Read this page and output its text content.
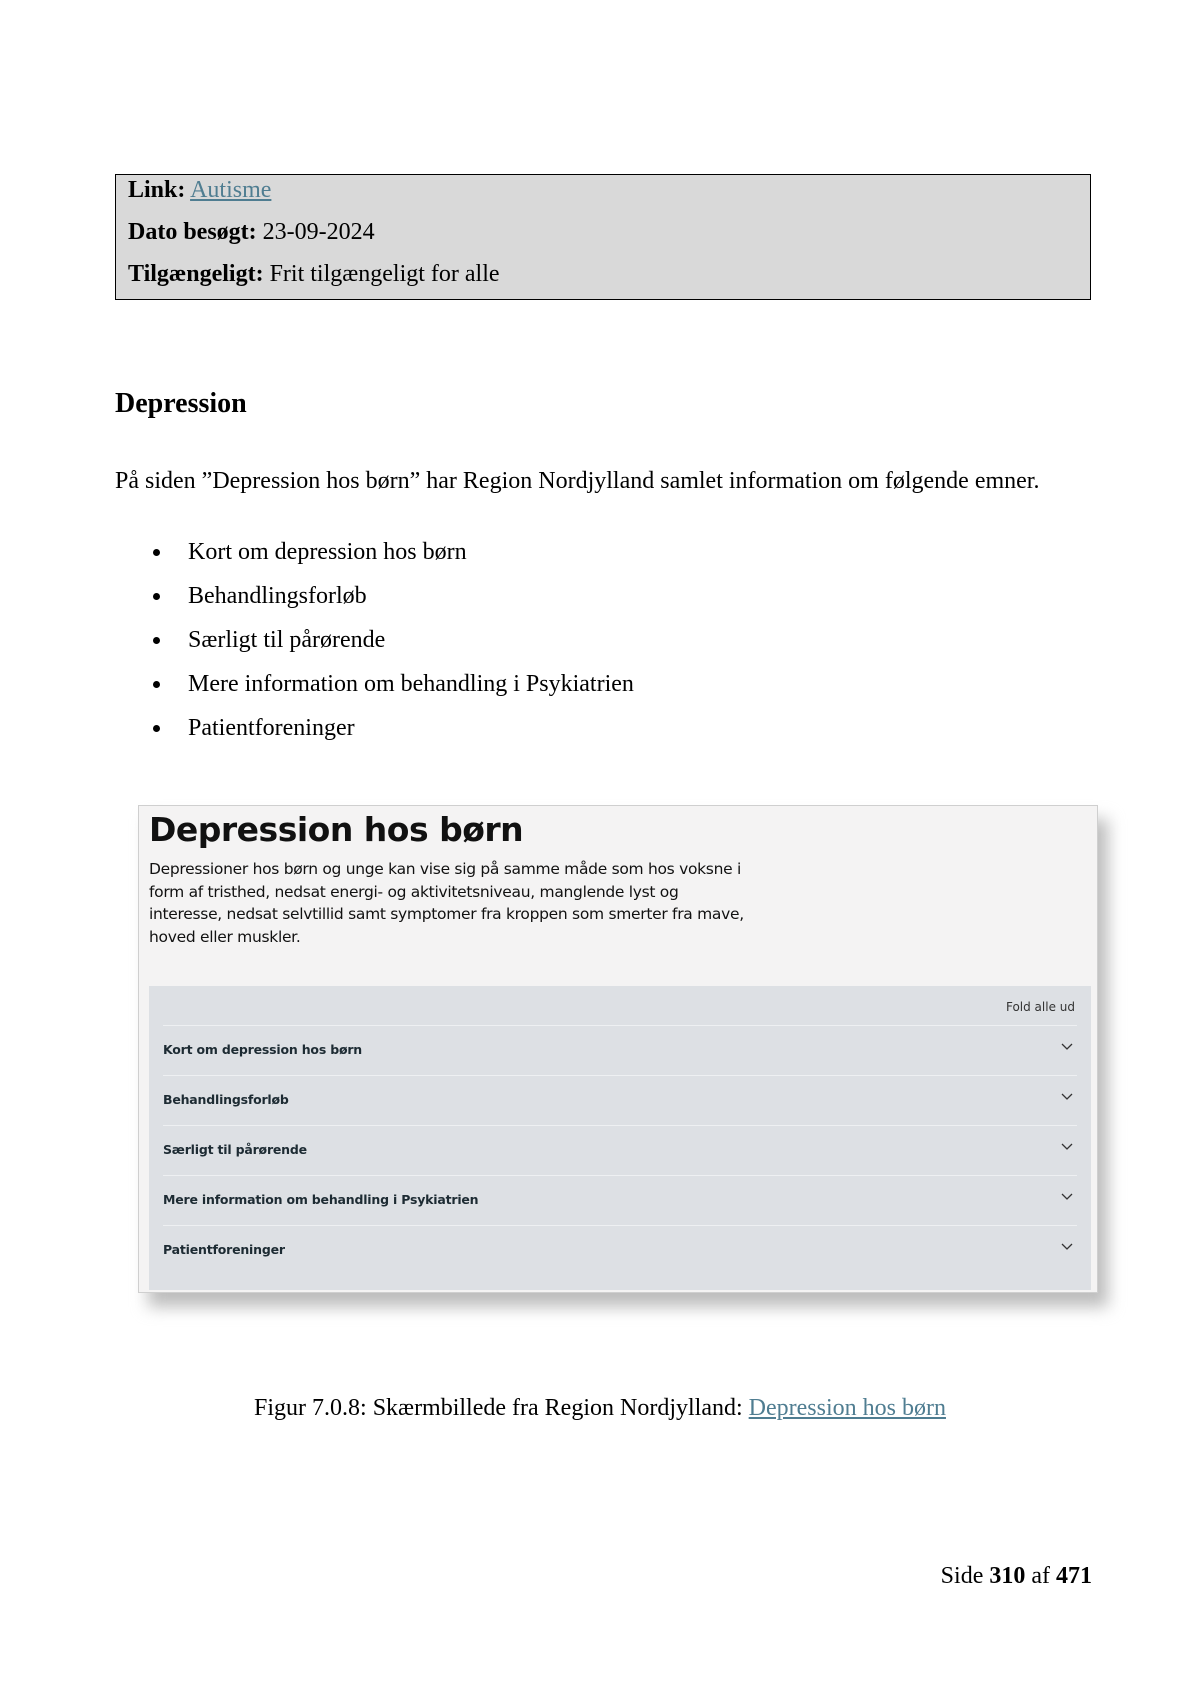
Link: Autisme
Dato besøgt: 23-09-2024
Tilgængeligt: Frit tilgængeligt for alle
Depression

På siden ”Depression hos børn” har Region Nordjylland samlet information om følgende emner.

Kort om depression hos børn
Behandlingsforløb
Særligt til pårørende
Mere information om behandling i Psykiatrien
Patientforeninger
Depression hos børn

Depressioner hos børn og unge kan vise sig på samme måde som hos voksne i form af tristhed, nedsat energi- og aktivitetsniveau, manglende lyst og interesse, nedsat selvtillid samt symptomer fra kroppen som smerter fra mave, hoved eller muskler.

Fold alle ud
Kort om depression hos børn
Behandlingsforløb
Særligt til pårørende
Mere information om behandling i Psykiatrien
Patientforeninger

Figur 7.0.8: Skærmbillede fra Region Nordjylland: Depression hos børn

Side 310 af 471
